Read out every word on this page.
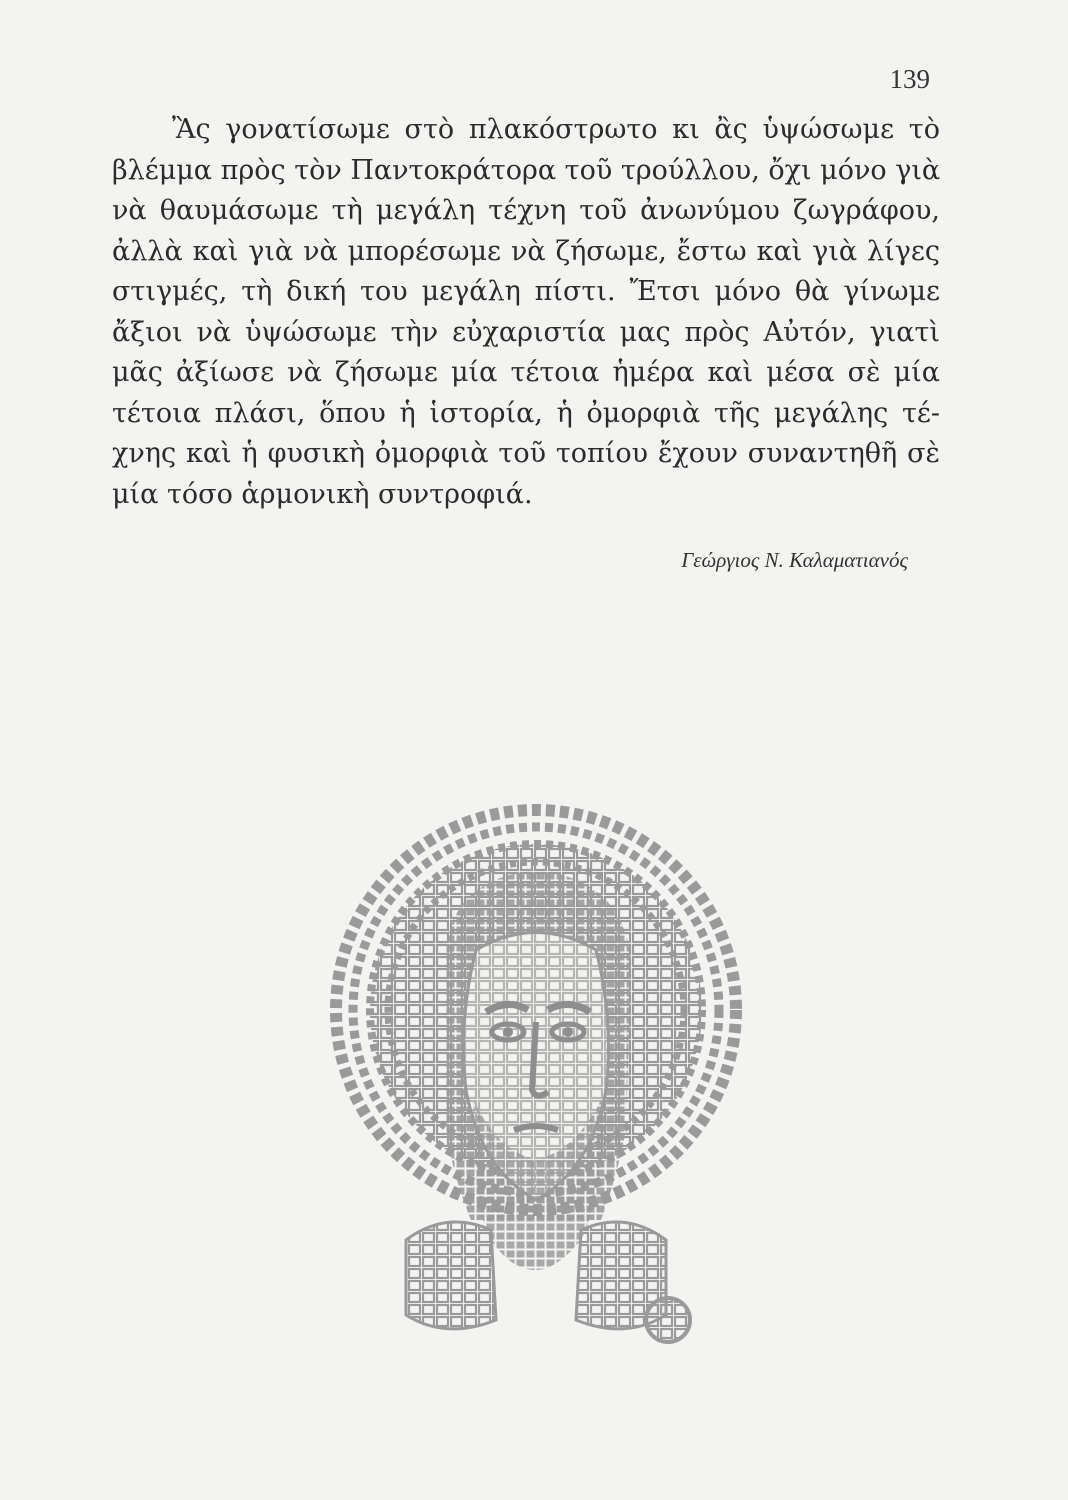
139
Ἂς γονατίσωμε στὸ πλακόστρωτο κι ἂς ὑψώσωμε τὸ
βλέμμα πρὸς τὸν Παντοκράτορα τοῦ τρούλλου, ὄχι μόνο γιὰ
νὰ θαυμάσωμε τὴ μεγάλη τέχνη τοῦ ἀνωνύμου ζωγράφου,
ἀλλὰ καὶ γιὰ νὰ μπορέσωμε νὰ ζήσωμε, ἔστω καὶ γιὰ λίγες
στιγμές, τὴ δική του μεγάλη πίστι. Ἔτσι μόνο θὰ γίνωμε
ἄξιοι νὰ ὑψώσωμε τὴν εὐχαριστία μας πρὸς Αὐτόν, γιατὶ
μᾶς ἀξίωσε νὰ ζήσωμε μία τέτοια ἡμέρα καὶ μέσα σὲ μία
τέτοια πλάσι, ὅπου ἡ ἱστορία, ἡ ὀμορφιὰ τῆς μεγάλης τέ-
χνης καὶ ἡ φυσικὴ ὀμορφιὰ τοῦ τοπίου ἔχουν συναντηθῆ σὲ
μία τόσο ἁρμονικὴ συντροφιά.
Γεώργιος Ν. Καλαματιανός
